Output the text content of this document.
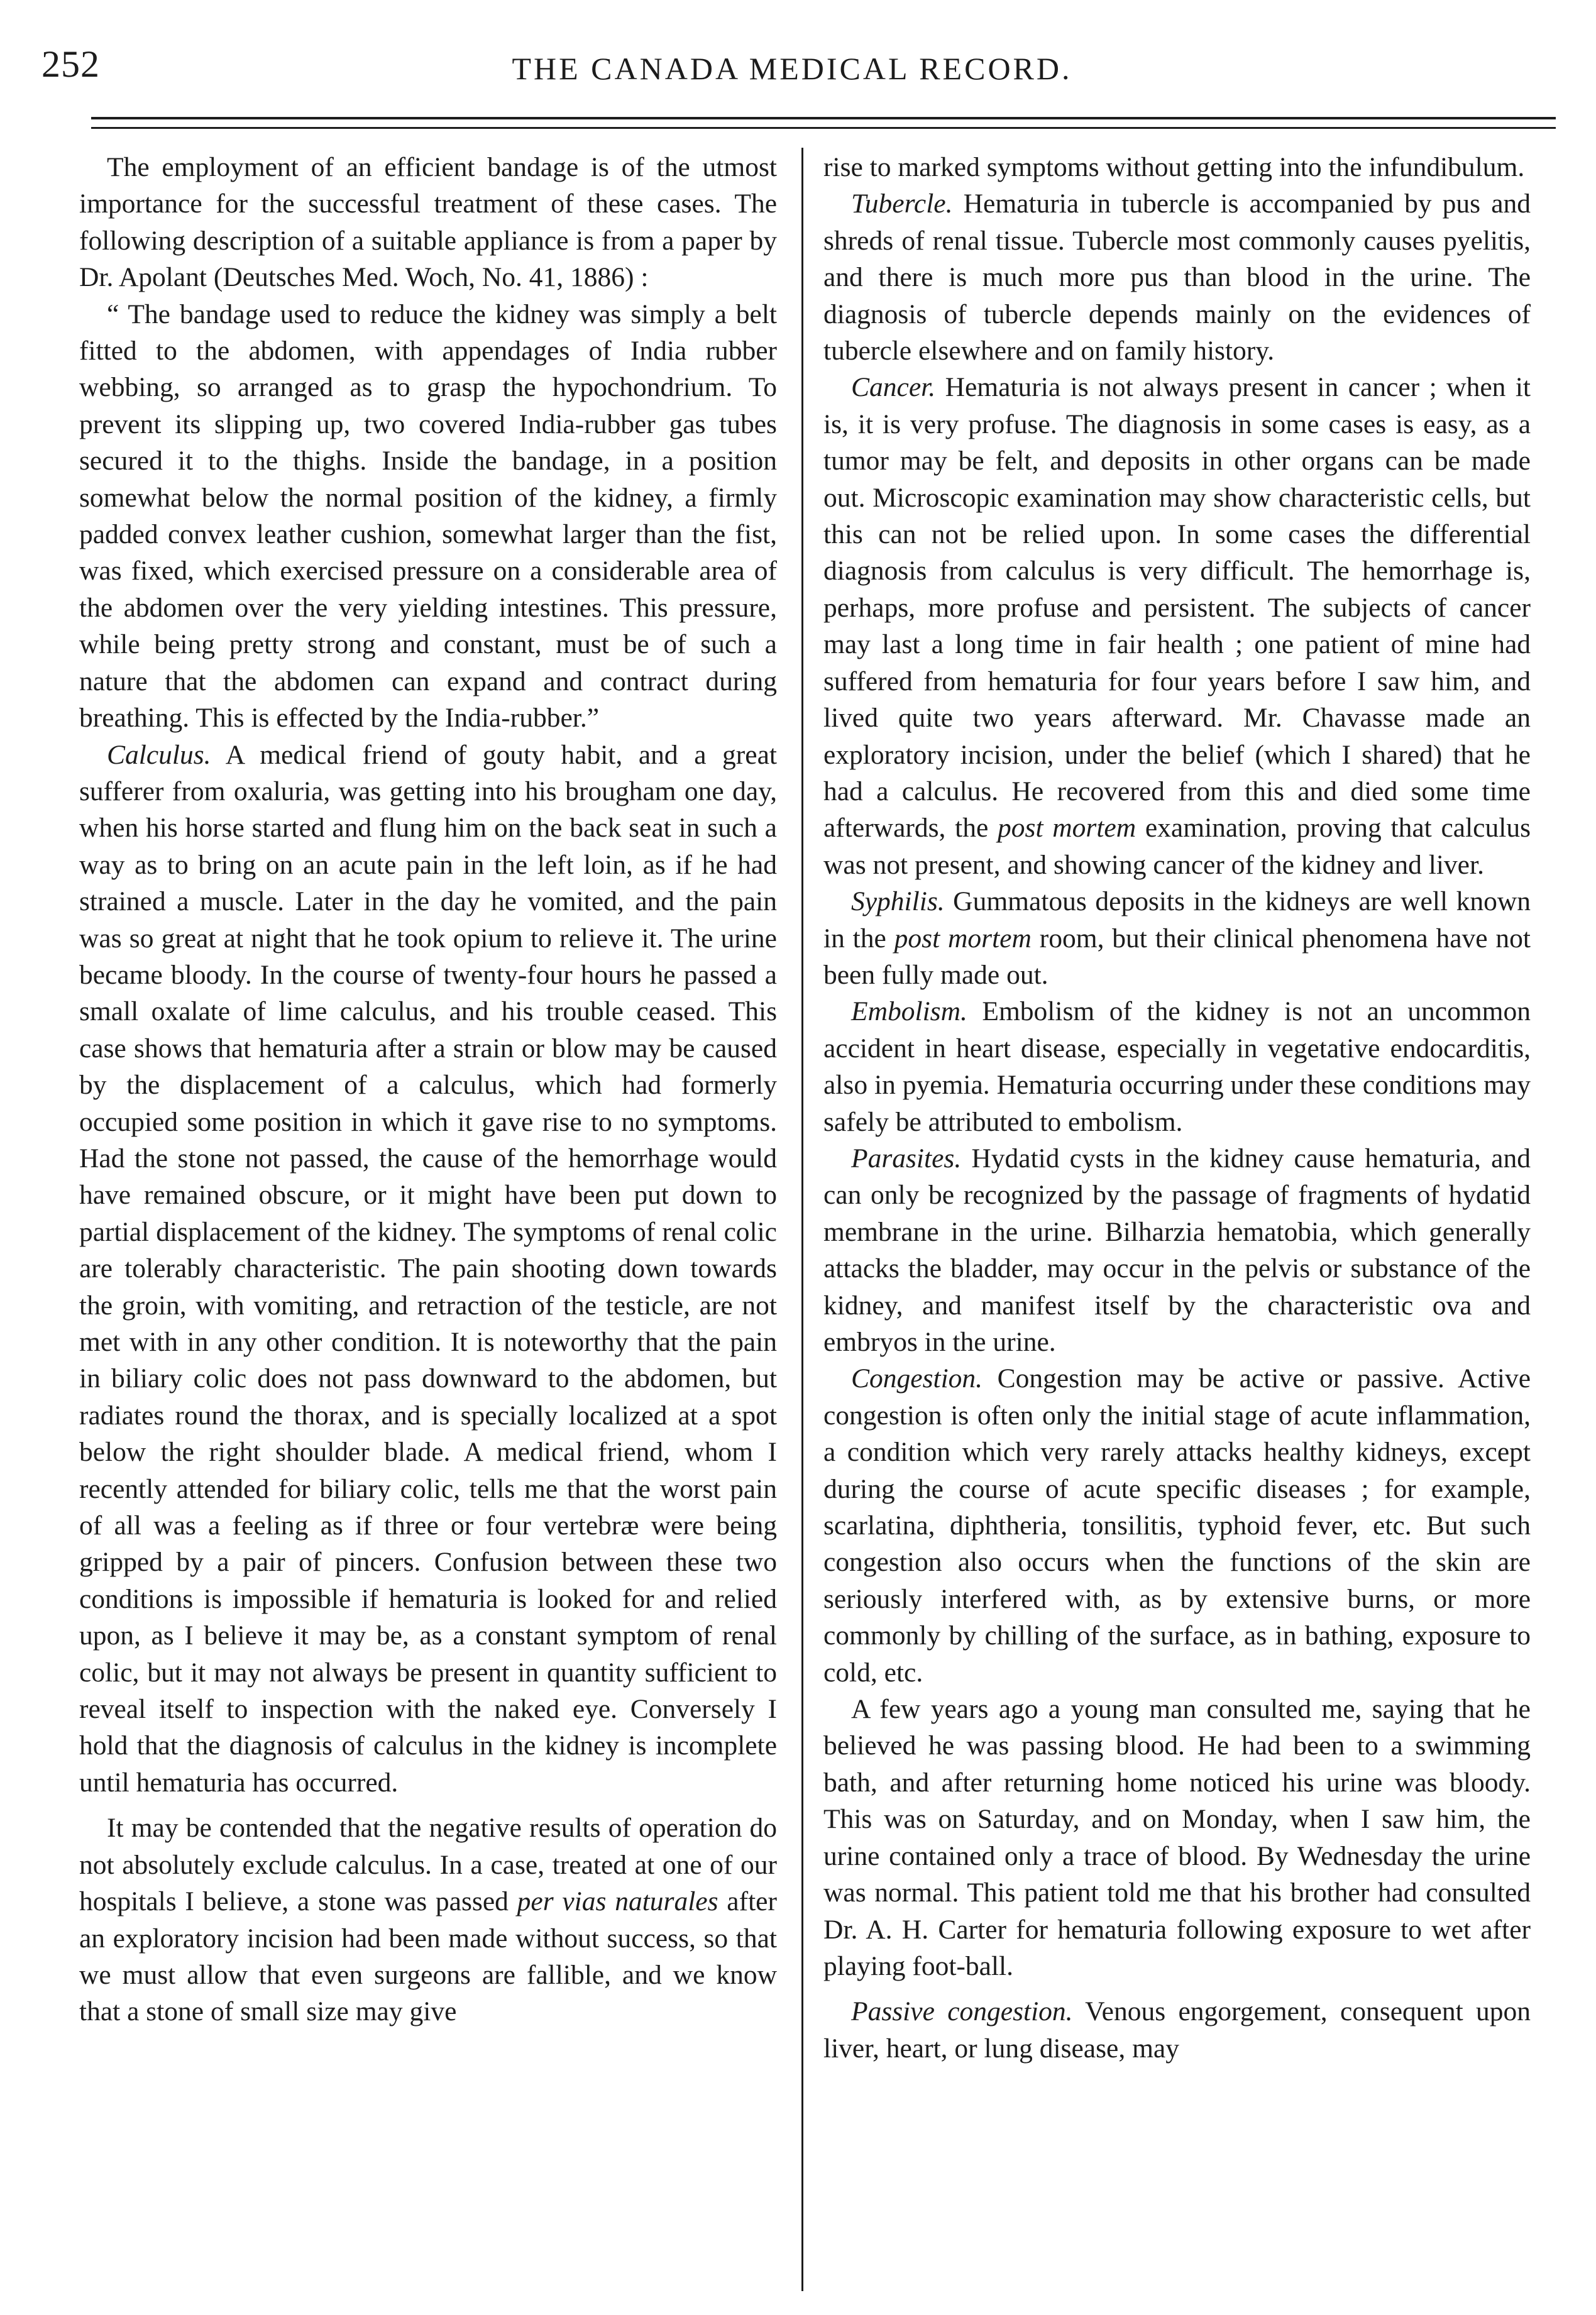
252	THE CANADA MEDICAL RECORD.

The employment of an efficient bandage is of the utmost importance for the successful treatment of these cases. The following description of a suitable appliance is from a paper by Dr. Apolant (Deutsches Med. Woch, No. 41, 1886) :

“ The bandage used to reduce the kidney was simply a belt fitted to the abdomen, with appendages of India rubber webbing, so arranged as to grasp the hypochondrium. To prevent its slipping up, two covered India-rubber gas tubes secured it to the thighs. Inside the bandage, in a position somewhat below the normal position of the kidney, a firmly padded convex leather cushion, somewhat larger than the fist, was fixed, which exercised pressure on a considerable area of the abdomen over the very yielding intestines. This pressure, while being pretty strong and constant, must be of such a nature that the abdomen can expand and contract during breathing. This is effected by the India-rubber.”

Calculus. A medical friend of gouty habit, and a great sufferer from oxaluria, was getting into his brougham one day, when his horse started and flung him on the back seat in such a way as to bring on an acute pain in the left loin, as if he had strained a muscle. Later in the day he vomited, and the pain was so great at night that he took opium to relieve it. The urine became bloody. In the course of twenty-four hours he passed a small oxalate of lime calculus, and his trouble ceased. This case shows that hematuria after a strain or blow may be caused by the displacement of a calculus, which had formerly occupied some position in which it gave rise to no symptoms. Had the stone not passed, the cause of the hemorrhage would have remained obscure, or it might have been put down to partial displacement of the kidney. The symptoms of renal colic are tolerably characteristic. The pain shooting down towards the groin, with vomiting, and retraction of the testicle, are not met with in any other condition. It is noteworthy that the pain in biliary colic does not pass downward to the abdomen, but radiates round the thorax, and is specially localized at a spot below the right shoulder blade. A medical friend, whom I recently attended for biliary colic, tells me that the worst pain of all was a feeling as if three or four vertebræ were being gripped by a pair of pincers. Confusion between these two conditions is impossible if hematuria is looked for and relied upon, as I believe it may be, as a constant symptom of renal colic, but it may not always be present in quantity sufficient to reveal itself to inspection with the naked eye. Conversely I hold that the diagnosis of calculus in the kidney is incomplete until hematuria has occurred.

It may be contended that the negative results of operation do not absolutely exclude calculus. In a case, treated at one of our hospitals I believe, a stone was passed per vias naturales after an exploratory incision had been made without success, so that we must allow that even surgeons are fallible, and we know that a stone of small size may give

rise to marked symptoms without getting into the infundibulum.

Tubercle. Hematuria in tubercle is accompanied by pus and shreds of renal tissue. Tubercle most commonly causes pyelitis, and there is much more pus than blood in the urine. The diagnosis of tubercle depends mainly on the evidences of tubercle elsewhere and on family history.

Cancer. Hematuria is not always present in cancer ; when it is, it is very profuse. The diagnosis in some cases is easy, as a tumor may be felt, and deposits in other organs can be made out. Microscopic examination may show characteristic cells, but this can not be relied upon. In some cases the differential diagnosis from calculus is very difficult. The hemorrhage is, perhaps, more profuse and persistent. The subjects of cancer may last a long time in fair health ; one patient of mine had suffered from hematuria for four years before I saw him, and lived quite two years afterward. Mr. Chavasse made an exploratory incision, under the belief (which I shared) that he had a calculus. He recovered from this and died some time afterwards, the post mortem examination, proving that calculus was not present, and showing cancer of the kidney and liver.

Syphilis. Gummatous deposits in the kidneys are well known in the post mortem room, but their clinical phenomena have not been fully made out.

Embolism. Embolism of the kidney is not an uncommon accident in heart disease, especially in vegetative endocarditis, also in pyemia. Hematuria occurring under these conditions may safely be attributed to embolism.

Parasites. Hydatid cysts in the kidney cause hematuria, and can only be recognized by the passage of fragments of hydatid membrane in the urine. Bilharzia hematobia, which generally attacks the bladder, may occur in the pelvis or substance of the kidney, and manifest itself by the characteristic ova and embryos in the urine.

Congestion. Congestion may be active or passive. Active congestion is often only the initial stage of acute inflammation, a condition which very rarely attacks healthy kidneys, except during the course of acute specific diseases ; for example, scarlatina, diphtheria, tonsilitis, typhoid fever, etc. But such congestion also occurs when the functions of the skin are seriously interfered with, as by extensive burns, or more commonly by chilling of the surface, as in bathing, exposure to cold, etc.

A few years ago a young man consulted me, saying that he believed he was passing blood. He had been to a swimming bath, and after returning home noticed his urine was bloody. This was on Saturday, and on Monday, when I saw him, the urine contained only a trace of blood. By Wednesday the urine was normal. This patient told me that his brother had consulted Dr. A. H. Carter for hematuria following exposure to wet after playing foot-ball.

Passive congestion. Venous engorgement, consequent upon liver, heart, or lung disease, may
